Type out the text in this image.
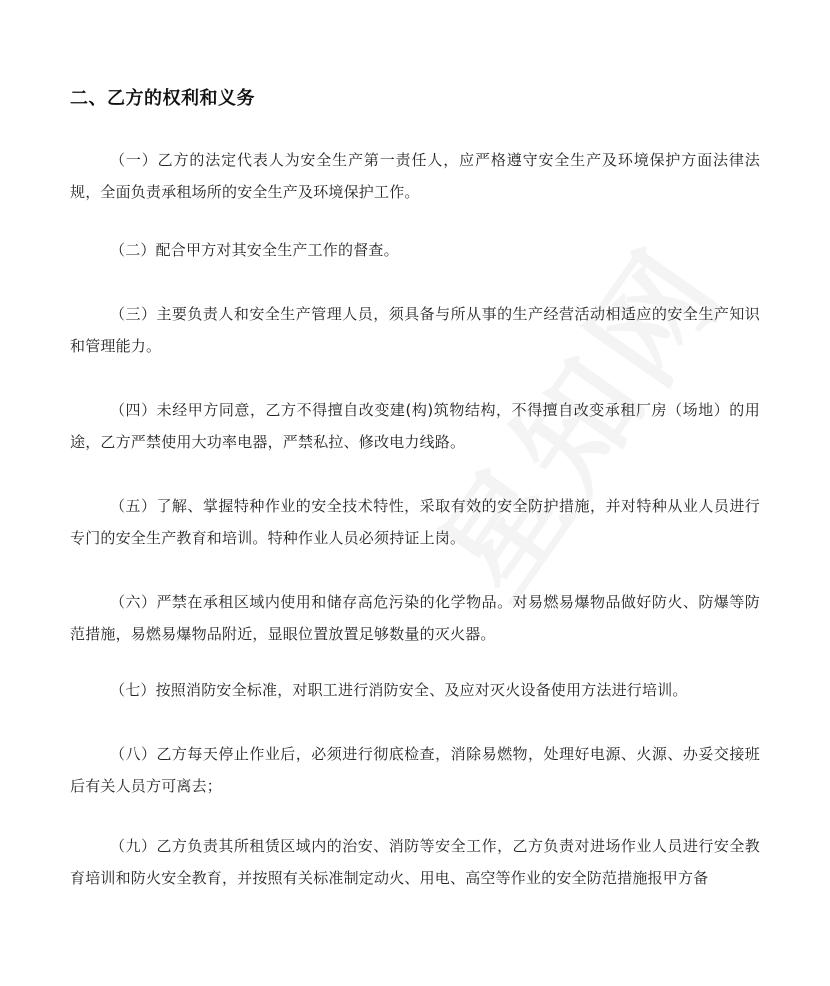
二、乙方的权利和义务

（一）乙方的法定代表人为安全生产第一责任人，应严格遵守安全生产及环境保护方面法律法规，全面负责承租场所的安全生产及环境保护工作。

（二）配合甲方对其安全生产工作的督查。

（三）主要负责人和安全生产管理人员，须具备与所从事的生产经营活动相适应的安全生产知识和管理能力。

（四）未经甲方同意，乙方不得擅自改变建(构)筑物结构，不得擅自改变承租厂房（场地）的用途，乙方严禁使用大功率电器，严禁私拉、修改电力线路。

（五）了解、掌握特种作业的安全技术特性，采取有效的安全防护措施，并对特种从业人员进行专门的安全生产教育和培训。特种作业人员必须持证上岗。

（六）严禁在承租区域内使用和储存高危污染的化学物品。对易燃易爆物品做好防火、防爆等防范措施，易燃易爆物品附近，显眼位置放置足够数量的灭火器。

（七）按照消防安全标准，对职工进行消防安全、及应对灭火设备使用方法进行培训。

（八）乙方每天停止作业后，必须进行彻底检查，消除易燃物，处理好电源、火源、办妥交接班后有关人员方可离去；

（九）乙方负责其所租赁区域内的治安、消防等安全工作，乙方负责对进场作业人员进行安全教育培训和防火安全教育，并按照有关标准制定动火、用电、高空等作业的安全防范措施报甲方备
